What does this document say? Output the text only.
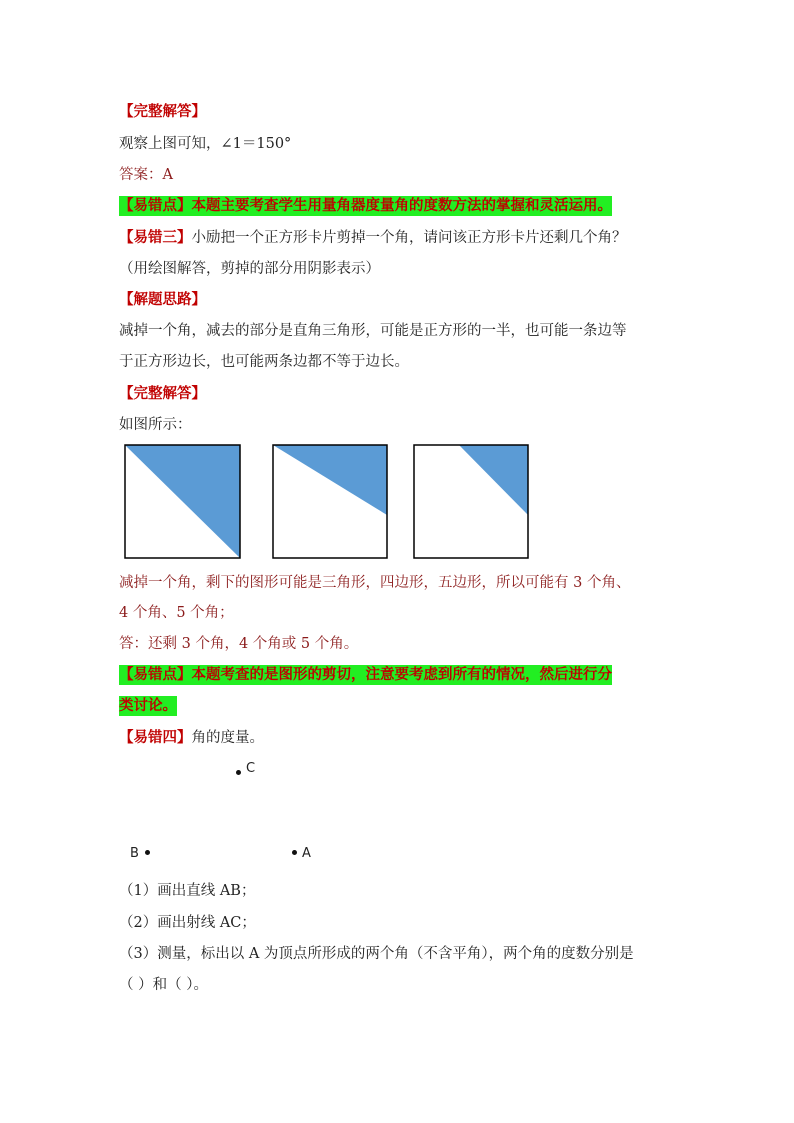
【完整解答】
观察上图可知，∠1＝150°
答案：A
【易错点】本题主要考查学生用量角器度量角的度数方法的掌握和灵活运用。
【易错三】小励把一个正方形卡片剪掉一个角，请问该正方形卡片还剩几个角？
（用绘图解答，剪掉的部分用阴影表示）
【解题思路】
减掉一个角，减去的部分是直角三角形，可能是正方形的一半，也可能一条边等
于正方形边长，也可能两条边都不等于边长。
【完整解答】
如图所示：
减掉一个角，剩下的图形可能是三角形，四边形，五边形，所以可能有 3 个角、
4 个角、5 个角；
答：还剩 3 个角，4 个角或 5 个角。
【易错点】本题考查的是图形的剪切，注意要考虑到所有的情况，然后进行分
类讨论。
【易错四】角的度量。
C
B	A
（1）画出直线 AB；
（2）画出射线 AC；
（3）测量，标出以 A 为顶点所形成的两个角（不含平角），两个角的度数分别是
（ ）和（ ）。
